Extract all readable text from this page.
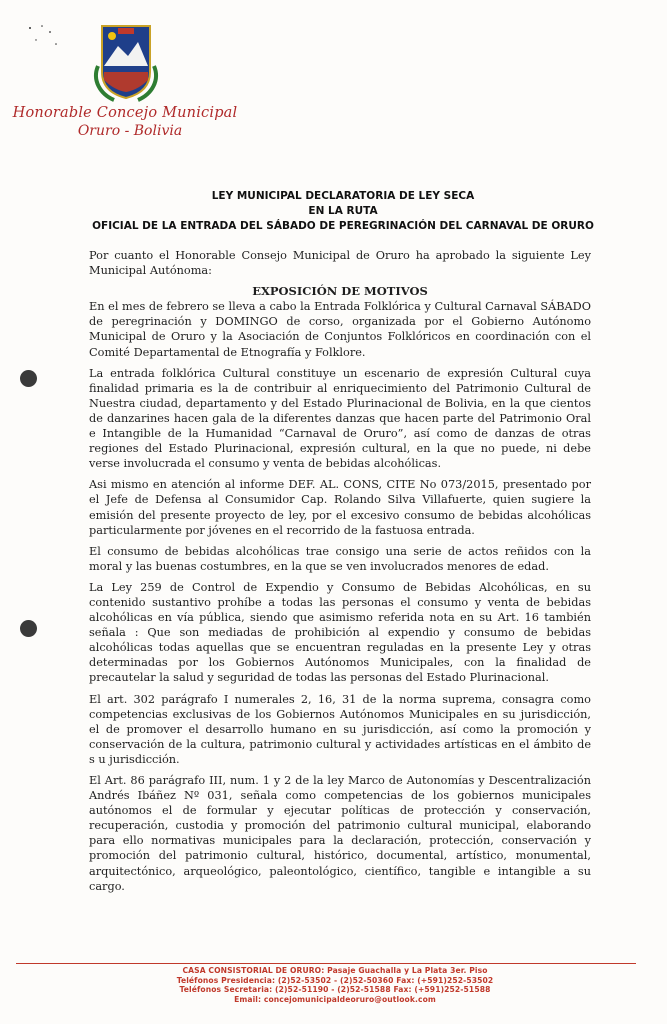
Honorable Concejo Municipal
Oruro - Bolivia
LEY MUNICIPAL DECLARATORIA DE LEY SECA
EN LA RUTA
OFICIAL DE LA ENTRADA DEL SÁBADO DE PEREGRINACIÓN DEL CARNAVAL DE ORURO

Por cuanto el Honorable Consejo Municipal de Oruro ha aprobado la siguiente Ley Municipal Autónoma:

EXPOSICIÓN DE MOTIVOS

En el mes de febrero se lleva a cabo la Entrada Folklórica y Cultural Carnaval SÁBADO de peregrinación y DOMINGO de corso, organizada por el Gobierno Autónomo Municipal de Oruro y la Asociación de Conjuntos Folklóricos en coordinación con el Comité Departamental de Etnografía y Folklore.

La entrada folklórica Cultural constituye un escenario de expresión Cultural cuya finalidad primaria es la de contribuir al enriquecimiento del Patrimonio Cultural de Nuestra ciudad, departamento y del Estado Plurinacional de Bolivia, en la que cientos de danzarines hacen gala de la diferentes danzas que hacen parte del Patrimonio Oral e Intangible de la Humanidad “Carnaval de Oruro”, así como de danzas de otras regiones del Estado Plurinacional, expresión cultural, en la que no puede, ni debe verse involucrada el consumo y venta de bebidas alcohólicas.

Asi mismo en atención al informe DEF. AL. CONS, CITE No 073/2015, presentado por el Jefe de Defensa al Consumidor Cap. Rolando Silva Villafuerte, quien sugiere la emisión del presente proyecto de ley, por el excesivo consumo de bebidas alcohólicas particularmente por jóvenes en el recorrido de la fastuosa entrada.

El consumo de bebidas alcohólicas trae consigo una serie de actos reñidos con la moral y las buenas costumbres, en la que se ven involucrados menores de edad.

La Ley 259 de Control de Expendio y Consumo de Bebidas Alcohólicas, en su contenido sustantivo prohíbe a todas las personas el consumo y venta de bebidas alcohólicas en vía pública, siendo que asimismo referida nota en su Art. 16 también señala : Que son mediadas de prohibición al expendio y consumo de bebidas alcohólicas todas aquellas que se encuentran reguladas en la presente Ley y otras determinadas por los Gobiernos Autónomos Municipales, con la finalidad de precautelar la salud y seguridad de todas las personas del Estado Plurinacional.

El art. 302 parágrafo I numerales 2, 16, 31 de la norma suprema, consagra como competencias exclusivas de los Gobiernos Autónomos Municipales en su jurisdicción, el de promover el desarrollo humano en su jurisdicción, así como la promoción y conservación de la cultura, patrimonio cultural y actividades artísticas en el ámbito de s u jurisdicción.

El Art. 86 parágrafo III, num. 1 y 2 de la ley Marco de Autonomías y Descentralización Andrés Ibáñez Nº 031, señala como competencias de los gobiernos municipales autónomos el de formular y ejecutar políticas de protección y conservación, recuperación, custodia y promoción del patrimonio cultural municipal, elaborando para ello normativas municipales para la declaración, protección, conservación y promoción del patrimonio cultural, histórico, documental, artístico, monumental, arquitectónico, arqueológico, paleontológico, científico, tangible e intangible a su cargo.

CASA CONSISTORIAL DE ORURO: Pasaje Guachalla y La Plata 3er. Piso
Teléfonos Presidencia: (2)52-53502 - (2)52-50360 Fax: (+591)252-53502
Teléfonos Secretaria: (2)52-51190 - (2)52-51588 Fax: (+591)252-51588
Email: concejomunicipaldeoruro@outlook.com
